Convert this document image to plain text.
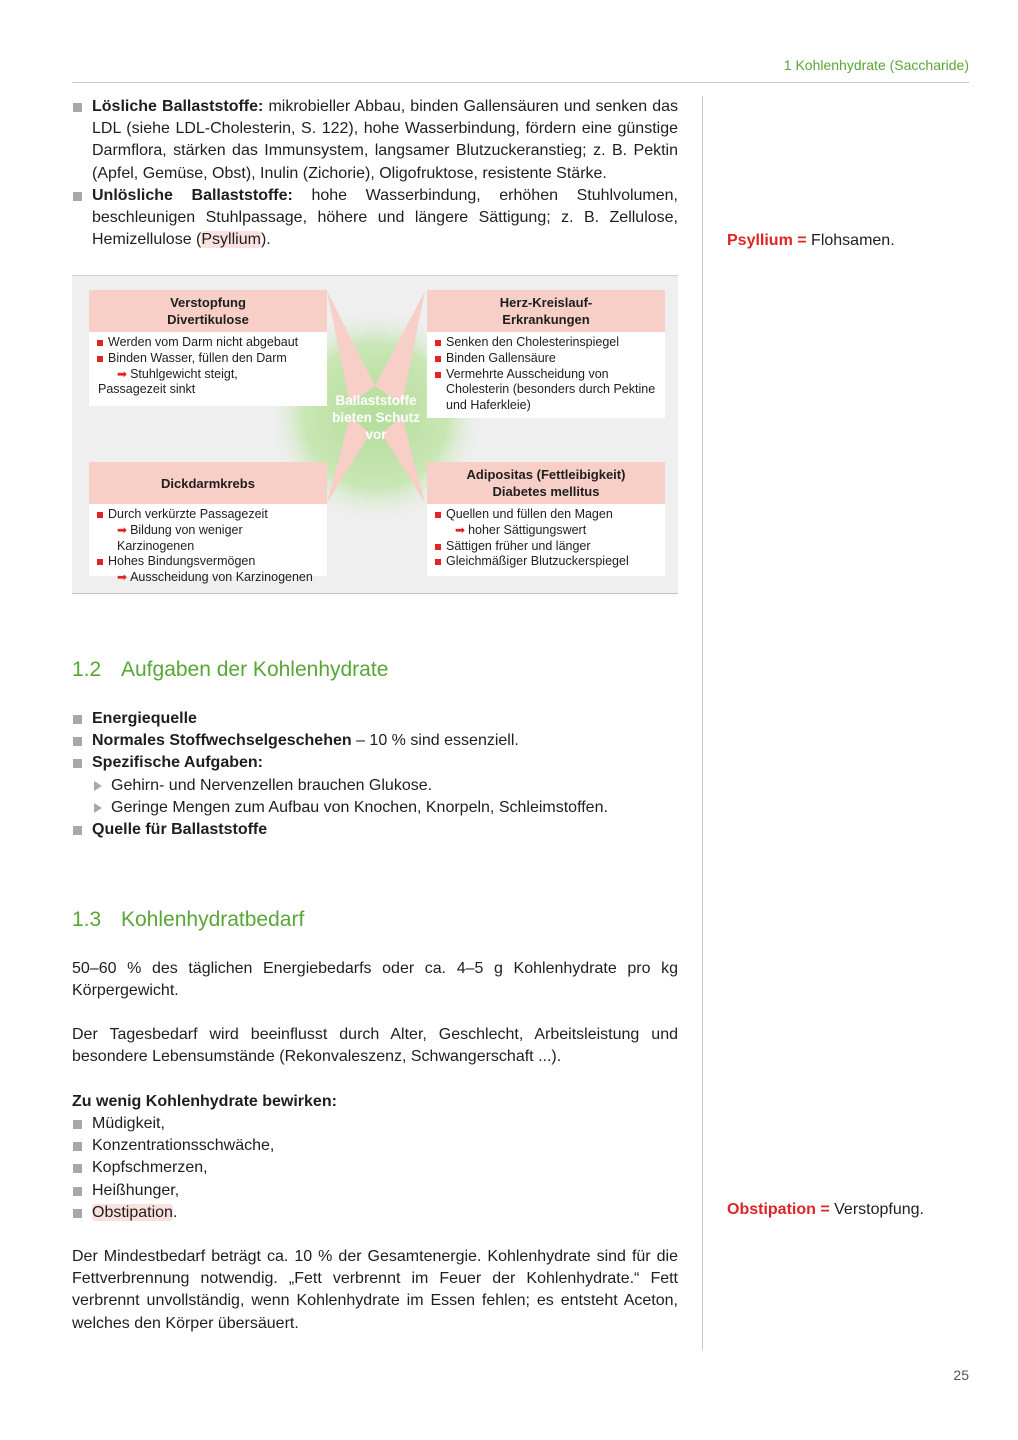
1 Kohlenhydrate (Saccharide)
Lösliche Ballaststoffe: mikrobieller Abbau, binden Gallensäuren und senken das LDL (siehe LDL-Cholesterin, S. 122), hohe Wasserbindung, fördern eine günstige Darmflora, stärken das Immunsystem, langsamer Blutzuckeranstieg; z. B. Pektin (Apfel, Gemüse, Obst), Inulin (Zichorie), Oligofruktose, resistente Stärke.
Unlösliche Ballaststoffe: hohe Wasserbindung, erhöhen Stuhlvolumen, beschleunigen Stuhlpassage, höhere und längere Sättigung; z. B. Zellulose, Hemizellulose (Psyllium).	Psyllium = Flohsamen.
Ballaststoffe bieten Schutz vor
Verstopfung Divertikulose
Werden vom Darm nicht abgebaut
Binden Wasser, füllen den Darm
➡ Stuhlgewicht steigt,
Passagezeit sinkt
Herz-Kreislauf-Erkrankungen
Senken den Cholesterinspiegel
Binden Gallensäure
Vermehrte Ausscheidung von Cholesterin (besonders durch Pektine und Haferkleie)
Dickdarmkrebs
Durch verkürzte Passagezeit
➡ Bildung von weniger Karzinogenen
Hohes Bindungsvermögen
➡ Ausscheidung von Karzinogenen
Adipositas (Fettleibigkeit) Diabetes mellitus
Quellen und füllen den Magen
➡ hoher Sättigungswert
Sättigen früher und länger
Gleichmäßiger Blutzuckerspiegel
1.2 Aufgaben der Kohlenhydrate
Energiequelle
Normales Stoffwechselgeschehen – 10 % sind essenziell.
Spezifische Aufgaben:
Gehirn- und Nervenzellen brauchen Glukose.
Geringe Mengen zum Aufbau von Knochen, Knorpeln, Schleimstoffen.
Quelle für Ballaststoffe
1.3 Kohlenhydratbedarf
50–60 % des täglichen Energiebedarfs oder ca. 4–5 g Kohlenhydrate pro kg Körpergewicht.
Der Tagesbedarf wird beeinflusst durch Alter, Geschlecht, Arbeitsleistung und besondere Lebensumstände (Rekonvaleszenz, Schwangerschaft ...).
Zu wenig Kohlenhydrate bewirken:
Müdigkeit,
Konzentrationsschwäche,
Kopfschmerzen,
Heißhunger,
Obstipation.	Obstipation = Verstopfung.
Der Mindestbedarf beträgt ca. 10 % der Gesamtenergie. Kohlenhydrate sind für die Fettverbrennung notwendig. „Fett verbrennt im Feuer der Kohlenhydrate.“ Fett verbrennt unvollständig, wenn Kohlenhydrate im Essen fehlen; es entsteht Aceton, welches den Körper übersäuert.
25
